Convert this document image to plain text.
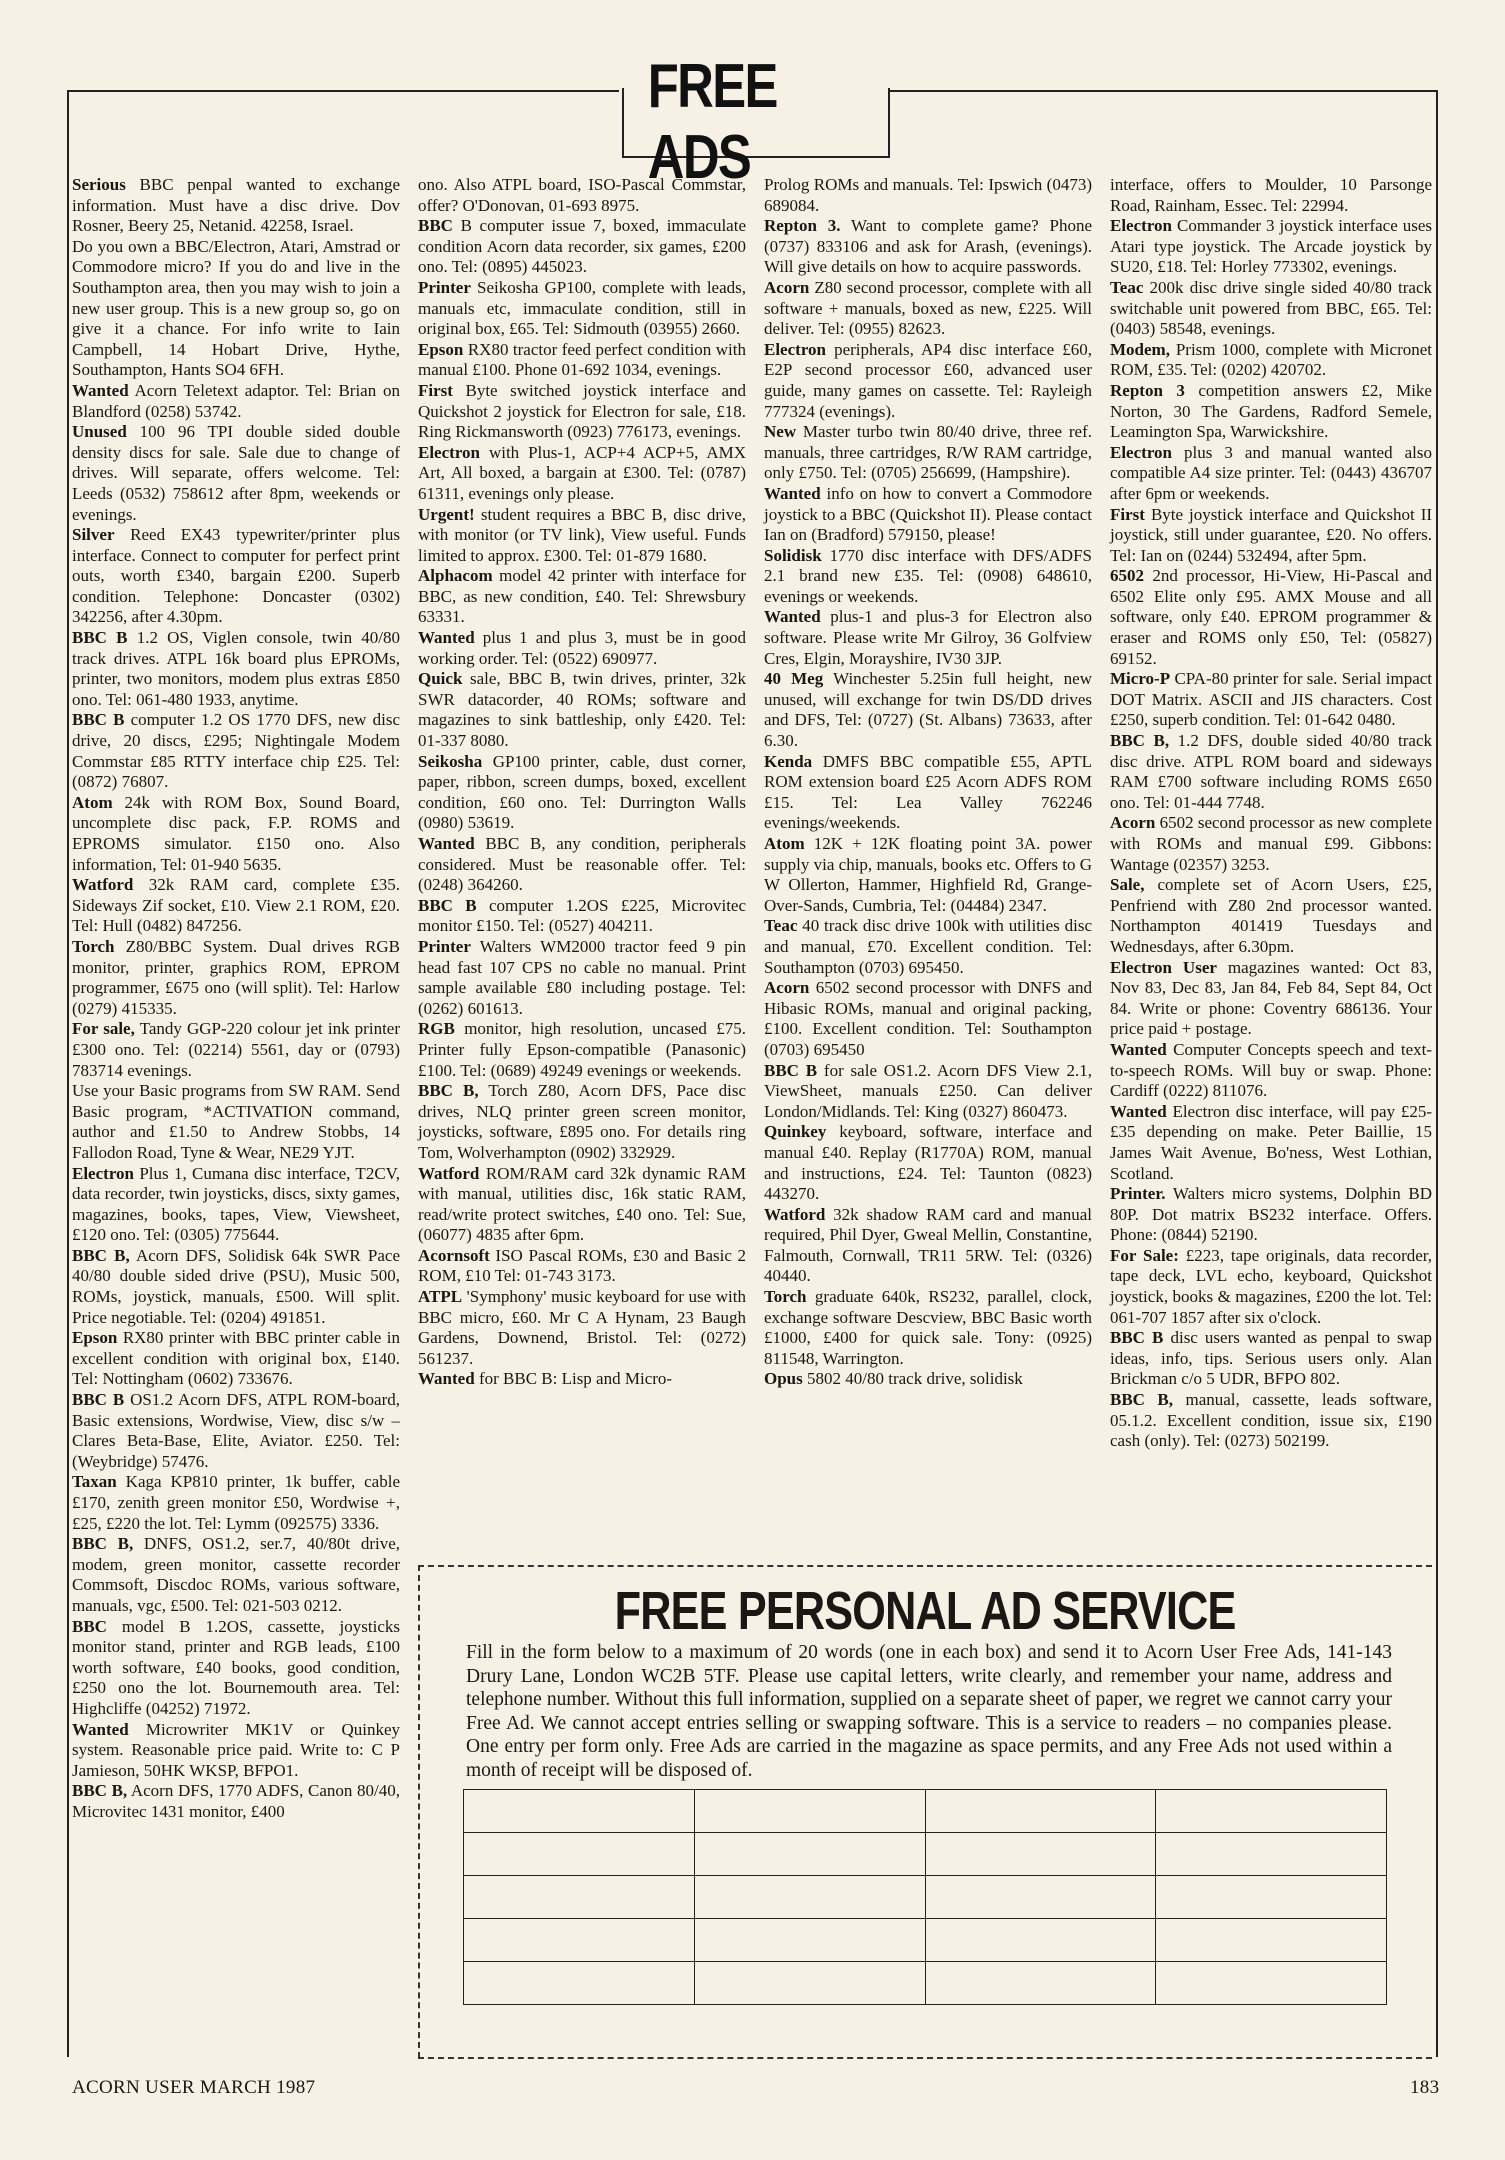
FREE ADS

Serious BBC penpal wanted to exchange information. Must have a disc drive. Dov Rosner, Beery 25, Netanid. 42258, Israel.

Do you own a BBC/Electron, Atari, Amstrad or Commodore micro? If you do and live in the Southampton area, then you may wish to join a new user group. This is a new group so, go on give it a chance. For info write to Iain Campbell, 14 Hobart Drive, Hythe, Southampton, Hants SO4 6FH.

Wanted Acorn Teletext adaptor. Tel: Brian on Blandford (0258) 53742.

Unused 100 96 TPI double sided double density discs for sale. Sale due to change of drives. Will separate, offers welcome. Tel: Leeds (0532) 758612 after 8pm, weekends or evenings.

Silver Reed EX43 typewriter/printer plus interface. Connect to computer for perfect print outs, worth £340, bargain £200. Superb condition. Telephone: Doncaster (0302) 342256, after 4.30pm.

BBC B 1.2 OS, Viglen console, twin 40/80 track drives. ATPL 16k board plus EPROMs, printer, two monitors, modem plus extras £850 ono. Tel: 061-480 1933, anytime.

BBC B computer 1.2 OS 1770 DFS, new disc drive, 20 discs, £295; Nightingale Modem Commstar £85 RTTY interface chip £25. Tel: (0872) 76807.

Atom 24k with ROM Box, Sound Board, uncomplete disc pack, F.P. ROMS and EPROMS simulator. £150 ono. Also information, Tel: 01-940 5635.

Watford 32k RAM card, complete £35. Sideways Zif socket, £10. View 2.1 ROM, £20. Tel: Hull (0482) 847256.

Torch Z80/BBC System. Dual drives RGB monitor, printer, graphics ROM, EPROM programmer, £675 ono (will split). Tel: Harlow (0279) 415335.

For sale, Tandy GGP-220 colour jet ink printer £300 ono. Tel: (02214) 5561, day or (0793) 783714 evenings.

Use your Basic programs from SW RAM. Send Basic program, *ACTIVATION command, author and £1.50 to Andrew Stobbs, 14 Fallodon Road, Tyne & Wear, NE29 YJT.

Electron Plus 1, Cumana disc interface, T2CV, data recorder, twin joysticks, discs, sixty games, magazines, books, tapes, View, Viewsheet, £120 ono. Tel: (0305) 775644.

BBC B, Acorn DFS, Solidisk 64k SWR Pace 40/80 double sided drive (PSU), Music 500, ROMs, joystick, manuals, £500. Will split. Price negotiable. Tel: (0204) 491851.

Epson RX80 printer with BBC printer cable in excellent condition with original box, £140. Tel: Nottingham (0602) 733676.

BBC B OS1.2 Acorn DFS, ATPL ROM-board, Basic extensions, Wordwise, View, disc s/w – Clares Beta-Base, Elite, Aviator. £250. Tel: (Weybridge) 57476.

Taxan Kaga KP810 printer, 1k buffer, cable £170, zenith green monitor £50, Wordwise +, £25, £220 the lot. Tel: Lymm (092575) 3336.

BBC B, DNFS, OS1.2, ser.7, 40/80t drive, modem, green monitor, cassette recorder Commsoft, Discdoc ROMs, various software, manuals, vgc, £500. Tel: 021-503 0212.

BBC model B 1.2OS, cassette, joysticks monitor stand, printer and RGB leads, £100 worth software, £40 books, good condition, £250 ono the lot. Bournemouth area. Tel: Highcliffe (04252) 71972.

Wanted Microwriter MK1V or Quinkey system. Reasonable price paid. Write to: C P Jamieson, 50HK WKSP, BFPO1.

BBC B, Acorn DFS, 1770 ADFS, Canon 80/40, Microvitec 1431 monitor, £400

ono. Also ATPL board, ISO-Pascal Commstar, offer? O'Donovan, 01-693 8975.

BBC B computer issue 7, boxed, immaculate condition Acorn data recorder, six games, £200 ono. Tel: (0895) 445023.

Printer Seikosha GP100, complete with leads, manuals etc, immaculate condition, still in original box, £65. Tel: Sidmouth (03955) 2660.

Epson RX80 tractor feed perfect condition with manual £100. Phone 01-692 1034, evenings.

First Byte switched joystick interface and Quickshot 2 joystick for Electron for sale, £18. Ring Rickmansworth (0923) 776173, evenings.

Electron with Plus-1, ACP+4 ACP+5, AMX Art, All boxed, a bargain at £300. Tel: (0787) 61311, evenings only please.

Urgent! student requires a BBC B, disc drive, with monitor (or TV link), View useful. Funds limited to approx. £300. Tel: 01-879 1680.

Alphacom model 42 printer with interface for BBC, as new condition, £40. Tel: Shrewsbury 63331.

Wanted plus 1 and plus 3, must be in good working order. Tel: (0522) 690977.

Quick sale, BBC B, twin drives, printer, 32k SWR datacorder, 40 ROMs; software and magazines to sink battleship, only £420. Tel: 01-337 8080.

Seikosha GP100 printer, cable, dust corner, paper, ribbon, screen dumps, boxed, excellent condition, £60 ono. Tel: Durrington Walls (0980) 53619.

Wanted BBC B, any condition, peripherals considered. Must be reasonable offer. Tel: (0248) 364260.

BBC B computer 1.2OS £225, Microvitec monitor £150. Tel: (0527) 404211.

Printer Walters WM2000 tractor feed 9 pin head fast 107 CPS no cable no manual. Print sample available £80 including postage. Tel: (0262) 601613.

RGB monitor, high resolution, uncased £75. Printer fully Epson-compatible (Panasonic) £100. Tel: (0689) 49249 evenings or weekends.

BBC B, Torch Z80, Acorn DFS, Pace disc drives, NLQ printer green screen monitor, joysticks, software, £895 ono. For details ring Tom, Wolverhampton (0902) 332929.

Watford ROM/RAM card 32k dynamic RAM with manual, utilities disc, 16k static RAM, read/write protect switches, £40 ono. Tel: Sue, (06077) 4835 after 6pm.

Acornsoft ISO Pascal ROMs, £30 and Basic 2 ROM, £10 Tel: 01-743 3173.

ATPL 'Symphony' music keyboard for use with BBC micro, £60. Mr C A Hynam, 23 Baugh Gardens, Downend, Bristol. Tel: (0272) 561237.

Wanted for BBC B: Lisp and Micro-

Prolog ROMs and manuals. Tel: Ipswich (0473) 689084.

Repton 3. Want to complete game? Phone (0737) 833106 and ask for Arash, (evenings). Will give details on how to acquire passwords.

Acorn Z80 second processor, complete with all software + manuals, boxed as new, £225. Will deliver. Tel: (0955) 82623.

Electron peripherals, AP4 disc interface £60, E2P second processor £60, advanced user guide, many games on cassette. Tel: Rayleigh 777324 (evenings).

New Master turbo twin 80/40 drive, three ref. manuals, three cartridges, R/W RAM cartridge, only £750. Tel: (0705) 256699, (Hampshire).

Wanted info on how to convert a Commodore joystick to a BBC (Quickshot II). Please contact Ian on (Bradford) 579150, please!

Solidisk 1770 disc interface with DFS/ADFS 2.1 brand new £35. Tel: (0908) 648610, evenings or weekends.

Wanted plus-1 and plus-3 for Electron also software. Please write Mr Gilroy, 36 Golfview Cres, Elgin, Morayshire, IV30 3JP.

40 Meg Winchester 5.25in full height, new unused, will exchange for twin DS/DD drives and DFS, Tel: (0727) (St. Albans) 73633, after 6.30.

Kenda DMFS BBC compatible £55, APTL ROM extension board £25 Acorn ADFS ROM £15. Tel: Lea Valley 762246 evenings/weekends.

Atom 12K + 12K floating point 3A. power supply via chip, manuals, books etc. Offers to G W Ollerton, Hammer, Highfield Rd, Grange-Over-Sands, Cumbria, Tel: (04484) 2347.

Teac 40 track disc drive 100k with utilities disc and manual, £70. Excellent condition. Tel: Southampton (0703) 695450.

Acorn 6502 second processor with DNFS and Hibasic ROMs, manual and original packing, £100. Excellent condition. Tel: Southampton (0703) 695450

BBC B for sale OS1.2. Acorn DFS View 2.1, ViewSheet, manuals £250. Can deliver London/Midlands. Tel: King (0327) 860473.

Quinkey keyboard, software, interface and manual £40. Replay (R1770A) ROM, manual and instructions, £24. Tel: Taunton (0823) 443270.

Watford 32k shadow RAM card and manual required, Phil Dyer, Gweal Mellin, Constantine, Falmouth, Cornwall, TR11 5RW. Tel: (0326) 40440.

Torch graduate 640k, RS232, parallel, clock, exchange software Descview, BBC Basic worth £1000, £400 for quick sale. Tony: (0925) 811548, Warrington.

Opus 5802 40/80 track drive, solidisk

interface, offers to Moulder, 10 Parsonge Road, Rainham, Essec. Tel: 22994.

Electron Commander 3 joystick interface uses Atari type joystick. The Arcade joystick by SU20, £18. Tel: Horley 773302, evenings.

Teac 200k disc drive single sided 40/80 track switchable unit powered from BBC, £65. Tel: (0403) 58548, evenings.

Modem, Prism 1000, complete with Micronet ROM, £35. Tel: (0202) 420702.

Repton 3 competition answers £2, Mike Norton, 30 The Gardens, Radford Semele, Leamington Spa, Warwickshire.

Electron plus 3 and manual wanted also compatible A4 size printer. Tel: (0443) 436707 after 6pm or weekends.

First Byte joystick interface and Quickshot II joystick, still under guarantee, £20. No offers. Tel: Ian on (0244) 532494, after 5pm.

6502 2nd processor, Hi-View, Hi-Pascal and 6502 Elite only £95. AMX Mouse and all software, only £40. EPROM programmer & eraser and ROMS only £50, Tel: (05827) 69152.

Micro-P CPA-80 printer for sale. Serial impact DOT Matrix. ASCII and JIS characters. Cost £250, superb condition. Tel: 01-642 0480.

BBC B, 1.2 DFS, double sided 40/80 track disc drive. ATPL ROM board and sideways RAM £700 software including ROMS £650 ono. Tel: 01-444 7748.

Acorn 6502 second processor as new complete with ROMs and manual £99. Gibbons: Wantage (02357) 3253.

Sale, complete set of Acorn Users, £25, Penfriend with Z80 2nd processor wanted. Northampton 401419 Tuesdays and Wednesdays, after 6.30pm.

Electron User magazines wanted: Oct 83, Nov 83, Dec 83, Jan 84, Feb 84, Sept 84, Oct 84. Write or phone: Coventry 686136. Your price paid + postage.

Wanted Computer Concepts speech and text-to-speech ROMs. Will buy or swap. Phone: Cardiff (0222) 811076.

Wanted Electron disc interface, will pay £25-£35 depending on make. Peter Baillie, 15 James Wait Avenue, Bo'ness, West Lothian, Scotland.

Printer. Walters micro systems, Dolphin BD 80P. Dot matrix BS232 interface. Offers. Phone: (0844) 52190.

For Sale: £223, tape originals, data recorder, tape deck, LVL echo, keyboard, Quickshot joystick, books & magazines, £200 the lot. Tel: 061-707 1857 after six o'clock.

BBC B disc users wanted as penpal to swap ideas, info, tips. Serious users only. Alan Brickman c/o 5 UDR, BFPO 802.

BBC B, manual, cassette, leads software, 05.1.2. Excellent condition, issue six, £190 cash (only). Tel: (0273) 502199.

FREE PERSONAL AD SERVICE
Fill in the form below to a maximum of 20 words (one in each box) and send it to Acorn User Free Ads, 141-143 Drury Lane, London WC2B 5TF. Please use capital letters, write clearly, and remember your name, address and telephone number. Without this full information, supplied on a separate sheet of paper, we regret we cannot carry your Free Ad. We cannot accept entries selling or swapping software. This is a service to readers – no companies please. One entry per form only. Free Ads are carried in the magazine as space permits, and any Free Ads not used within a month of receipt will be disposed of.

ACORN USER MARCH 1987	183
